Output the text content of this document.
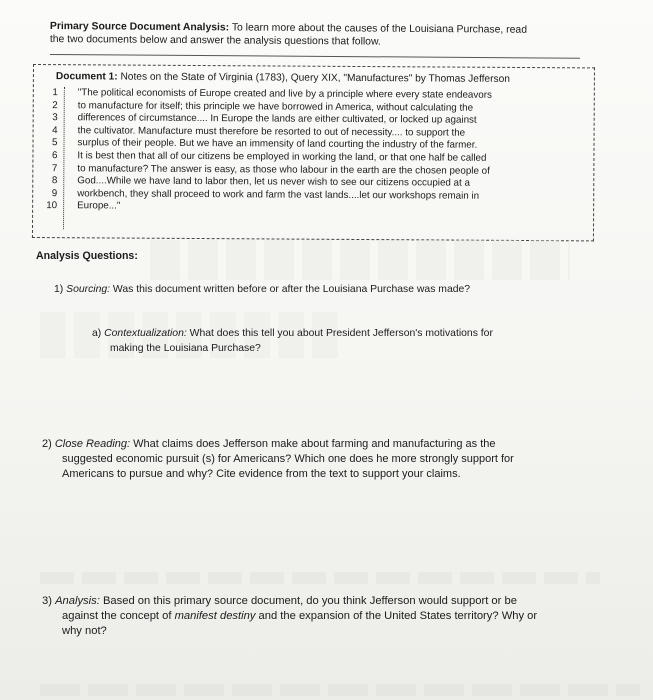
Primary Source Document Analysis: To learn more about the causes of the Louisiana Purchase, read
the two documents below and answer the analysis questions that follow.
Document 1: Notes on the State of Virginia (1783), Query XIX, "Manufactures" by Thomas Jefferson
1
2
3
4
5
6
7
8
9
10
"The political economists of Europe created and live by a principle where every state endeavors
to manufacture for itself; this principle we have borrowed in America, without calculating the
differences of circumstance.... In Europe the lands are either cultivated, or locked up against
the cultivator. Manufacture must therefore be resorted to out of necessity.... to support the
surplus of their people. But we have an immensity of land courting the industry of the farmer.
It is best then that all of our citizens be employed in working the land, or that one half be called
to manufacture? The answer is easy, as those who labour in the earth are the chosen people of
God....While we have land to labor then, let us never wish to see our citizens occupied at a
workbench, they shall proceed to work and farm the vast lands....let our workshops remain in
Europe..."
Analysis Questions:
1) Sourcing: Was this document written before or after the Louisiana Purchase was made?
a) Contextualization: What does this tell you about President Jefferson's motivations for
making the Louisiana Purchase?
2) Close Reading: What claims does Jefferson make about farming and manufacturing as the
suggested economic pursuit (s) for Americans? Which one does he more strongly support for
Americans to pursue and why? Cite evidence from the text to support your claims.
3) Analysis: Based on this primary source document, do you think Jefferson would support or be
against the concept of manifest destiny and the expansion of the United States territory? Why or
why not?
